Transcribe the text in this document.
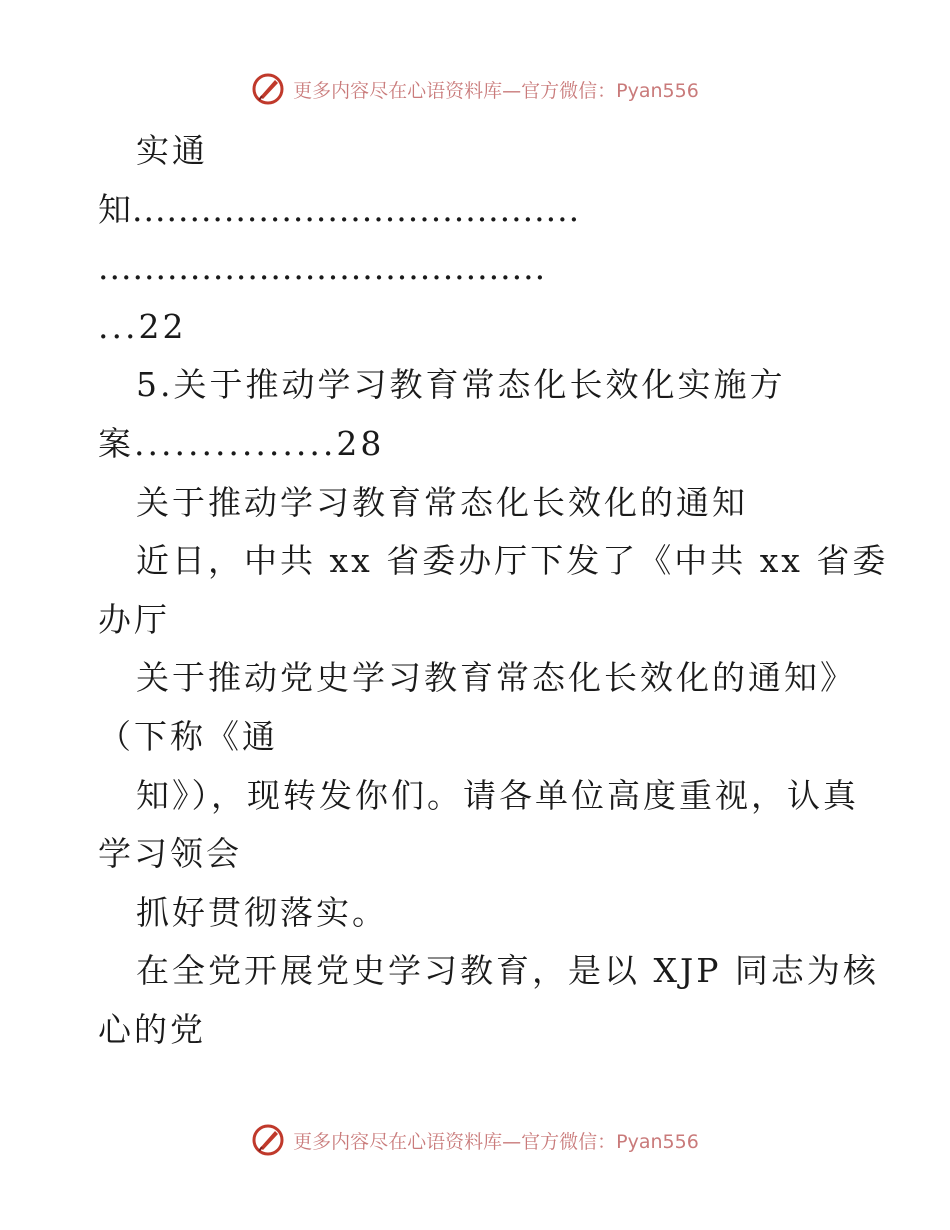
更多内容尽在心语资料库—官方微信：Pyan556
实通
知.......................................
.......................................
...22
5.关于推动学习教育常态化长效化实施方
案...............28
关于推动学习教育常态化长效化的通知
近日，中共 xx 省委办厅下发了《中共 xx 省委
办厅
关于推动党史学习教育常态化长效化的通知》
（下称《通
知》），现转发你们。请各单位高度重视，认真
学习领会
抓好贯彻落实。
在全党开展党史学习教育，是以 XJP 同志为核
心的党
更多内容尽在心语资料库—官方微信：Pyan556
